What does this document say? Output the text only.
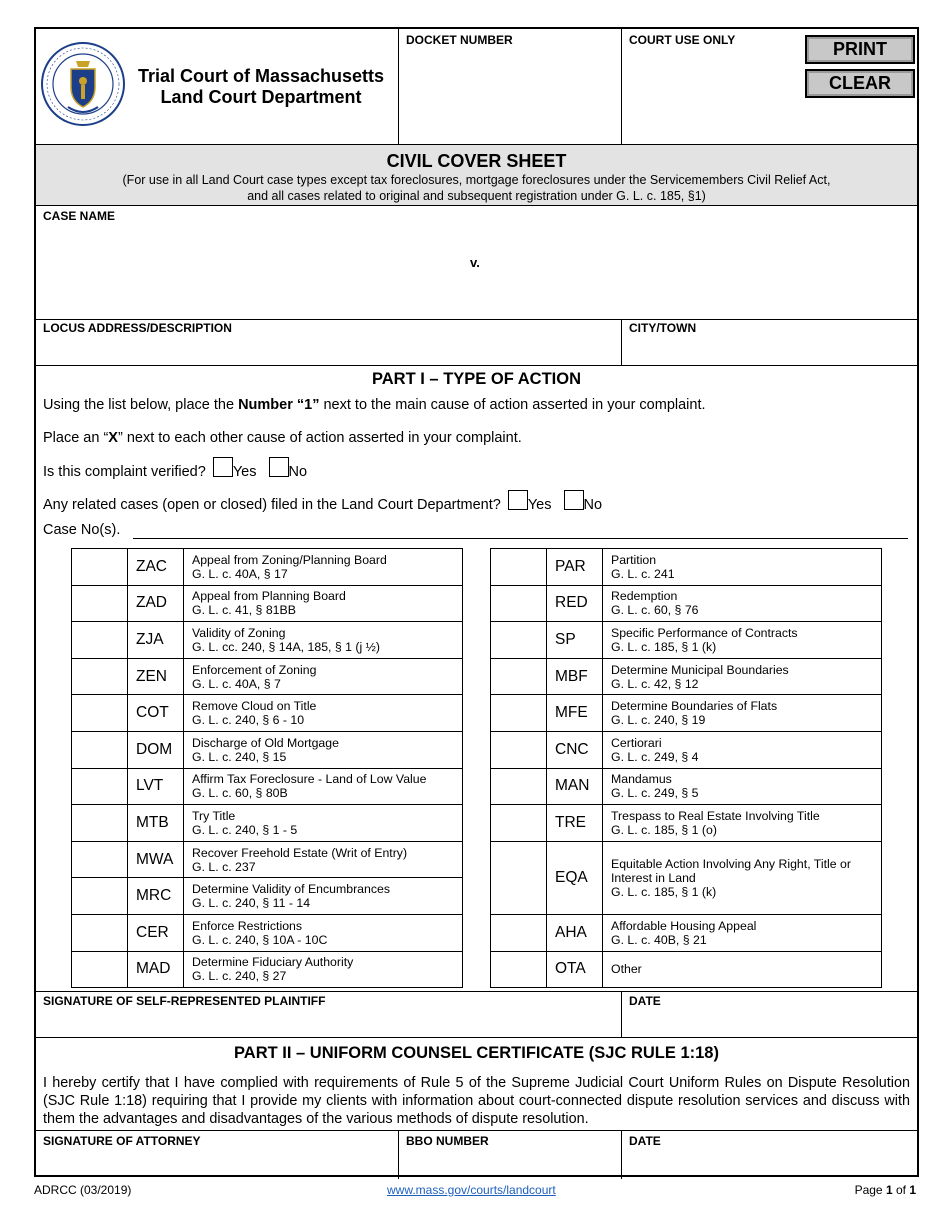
Trial Court of Massachusetts
Land Court Department
DOCKET NUMBER	COURT USE ONLY	PRINT
CLEAR
CIVIL COVER SHEET
(For use in all Land Court case types except tax foreclosures, mortgage foreclosures under the Servicemembers Civil Relief Act,
and all cases related to original and subsequent registration under G. L. c. 185, §1)
CASE NAME
v.
LOCUS ADDRESS/DESCRIPTION	CITY/TOWN
PART I – TYPE OF ACTION
Using the list below, place the Number “1” next to the main cause of action asserted in your complaint.
Place an “X” next to each other cause of action asserted in your complaint.
Is this complaint verified? Yes No
Any related cases (open or closed) filed in the Land Court Department? Yes No
Case No(s).
	ZAC	Appeal from Zoning/Planning Board
G. L. c. 40A, § 17

	ZAD	Appeal from Planning Board
G. L. c. 41, § 81BB

	ZJA	Validity of Zoning
G. L. cc. 240, § 14A, 185, § 1 (j ½)

	ZEN	Enforcement of Zoning
G. L. c. 40A, § 7

	COT	Remove Cloud on Title
G. L. c. 240, § 6 - 10

	DOM	Discharge of Old Mortgage
G. L. c. 240, § 15

	LVT	Affirm Tax Foreclosure - Land of Low Value
G. L. c. 60, § 80B

	MTB	Try Title
G. L. c. 240, § 1 - 5

	MWA	Recover Freehold Estate (Writ of Entry)
G. L. c. 237

	MRC	Determine Validity of Encumbrances
G. L. c. 240, § 11 - 14

	CER	Enforce Restrictions
G. L. c. 240, § 10A - 10C

	MAD	Determine Fiduciary Authority
G. L. c. 240, § 27
	PAR	Partition
G. L. c. 241

	RED	Redemption
G. L. c. 60, § 76

	SP	Specific Performance of Contracts
G. L. c. 185, § 1 (k)

	MBF	Determine Municipal Boundaries
G. L. c. 42, § 12

	MFE	Determine Boundaries of Flats
G. L. c. 240, § 19

	CNC	Certiorari
G. L. c. 249, § 4

	MAN	Mandamus
G. L. c. 249, § 5

	TRE	Trespass to Real Estate Involving Title
G. L. c. 185, § 1 (o)

	EQA	Equitable Action Involving Any Right, Title or Interest in Land
G. L. c. 185, § 1 (k)

	AHA	Affordable Housing Appeal
G. L. c. 40B, § 21

	OTA	Other
SIGNATURE OF SELF-REPRESENTED PLAINTIFF	DATE
PART II – UNIFORM COUNSEL CERTIFICATE (SJC RULE 1:18)
I hereby certify that I have complied with requirements of Rule 5 of the Supreme Judicial Court Uniform Rules on Dispute Resolution (SJC Rule 1:18) requiring that I provide my clients with information about court-connected dispute resolution services and discuss with them the advantages and disadvantages of the various methods of dispute resolution.
SIGNATURE OF ATTORNEY	BBO NUMBER	DATE
ADRCC (03/2019)	www.mass.gov/courts/landcourt	Page 1 of 1
